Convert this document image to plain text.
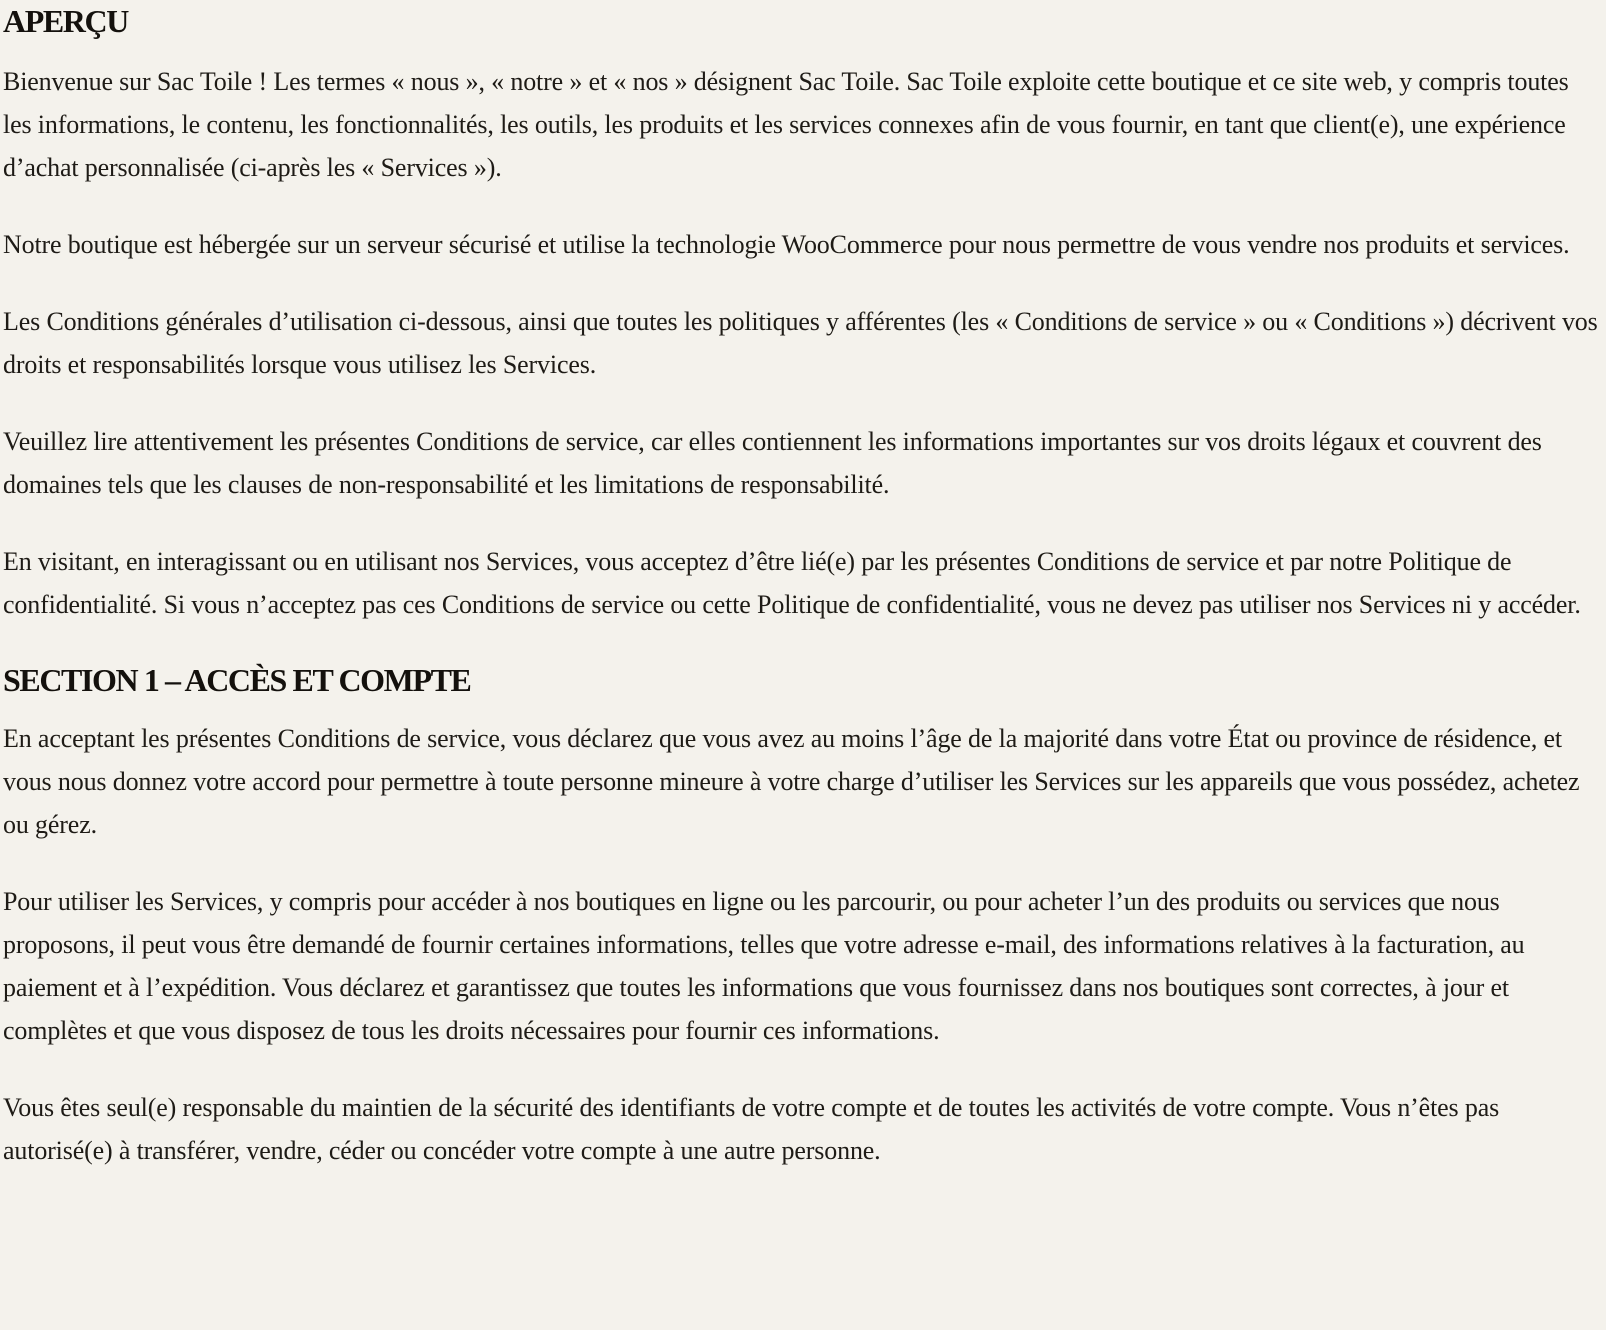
APERÇU

Bienvenue sur Sac Toile ! Les termes « nous », « notre » et « nos » désignent Sac Toile. Sac Toile exploite cette boutique et ce site web, y compris toutes les informations, le contenu, les fonctionnalités, les outils, les produits et les services connexes afin de vous fournir, en tant que client(e), une expérience d’achat personnalisée (ci-après les « Services »).

Notre boutique est hébergée sur un serveur sécurisé et utilise la technologie WooCommerce pour nous permettre de vous vendre nos produits et services.

Les Conditions générales d’utilisation ci-dessous, ainsi que toutes les politiques y afférentes (les « Conditions de service » ou « Conditions ») décrivent vos droits et responsabilités lorsque vous utilisez les Services.

Veuillez lire attentivement les présentes Conditions de service, car elles contiennent les informations importantes sur vos droits légaux et couvrent des domaines tels que les clauses de non-responsabilité et les limitations de responsabilité.

En visitant, en interagissant ou en utilisant nos Services, vous acceptez d’être lié(e) par les présentes Conditions de service et par notre Politique de confidentialité. Si vous n’acceptez pas ces Conditions de service ou cette Politique de confidentialité, vous ne devez pas utiliser nos Services ni y accéder.

SECTION 1 – ACCÈS ET COMPTE

En acceptant les présentes Conditions de service, vous déclarez que vous avez au moins l’âge de la majorité dans votre État ou province de résidence, et vous nous donnez votre accord pour permettre à toute personne mineure à votre charge d’utiliser les Services sur les appareils que vous possédez, achetez ou gérez.

Pour utiliser les Services, y compris pour accéder à nos boutiques en ligne ou les parcourir, ou pour acheter l’un des produits ou services que nous proposons, il peut vous être demandé de fournir certaines informations, telles que votre adresse e-mail, des informations relatives à la facturation, au paiement et à l’expédition. Vous déclarez et garantissez que toutes les informations que vous fournissez dans nos boutiques sont correctes, à jour et complètes et que vous disposez de tous les droits nécessaires pour fournir ces informations.

Vous êtes seul(e) responsable du maintien de la sécurité des identifiants de votre compte et de toutes les activités de votre compte. Vous n’êtes pas autorisé(e) à transférer, vendre, céder ou concéder votre compte à une autre personne.
